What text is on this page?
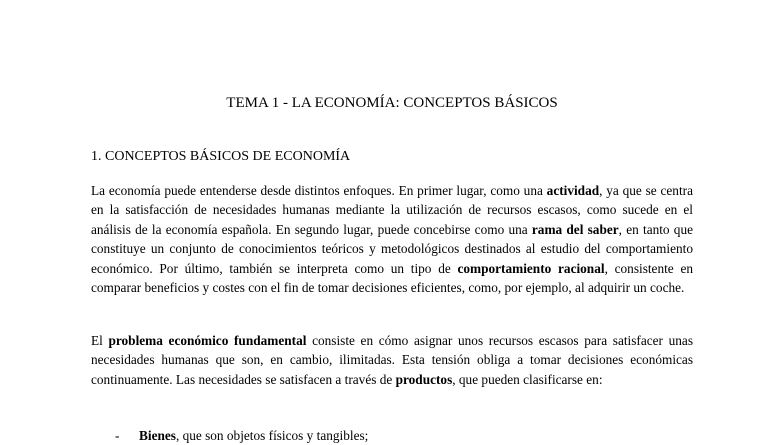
TEMA 1 - LA ECONOMÍA: CONCEPTOS BÁSICOS
1. CONCEPTOS BÁSICOS DE ECONOMÍA

La economía puede entenderse desde distintos enfoques. En primer lugar, como una actividad, ya que se centra en la satisfacción de necesidades humanas mediante la utilización de recursos escasos, como sucede en el análisis de la economía española. En segundo lugar, puede concebirse como una rama del saber, en tanto que constituye un conjunto de conocimientos teóricos y metodológicos destinados al estudio del comportamiento económico. Por último, también se interpreta como un tipo de comportamiento racional, consistente en comparar beneficios y costes con el fin de tomar decisiones eficientes, como, por ejemplo, al adquirir un coche.

El problema económico fundamental consiste en cómo asignar unos recursos escasos para satisfacer unas necesidades humanas que son, en cambio, ilimitadas. Esta tensión obliga a tomar decisiones económicas continuamente. Las necesidades se satisfacen a través de productos, que pueden clasificarse en:

- Bienes, que son objetos físicos y tangibles;
